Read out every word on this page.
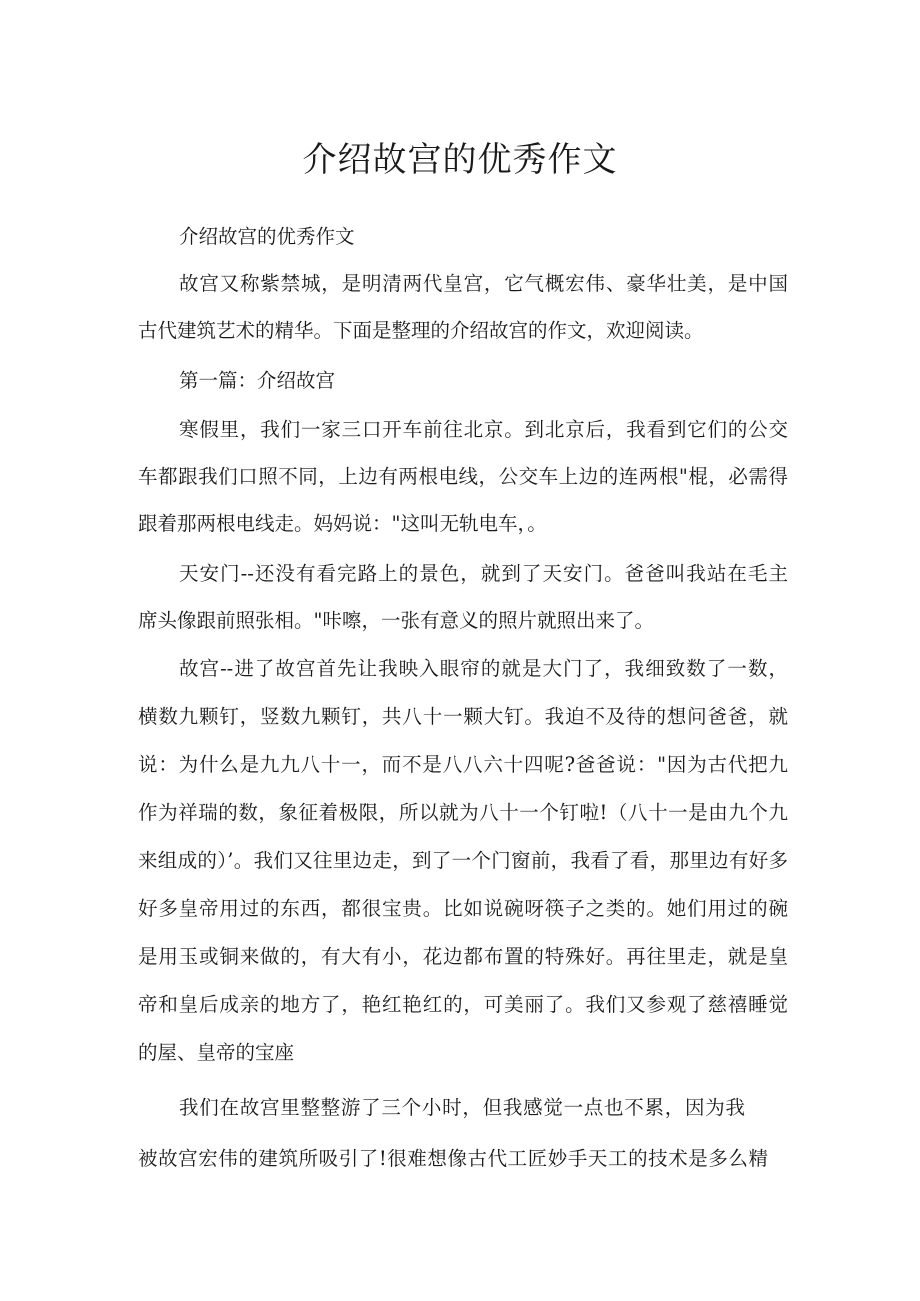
介绍故宫的优秀作文
介绍故宫的优秀作文
故宫又称紫禁城，是明清两代皇宫，它气概宏伟、豪华壮美，是中国
古代建筑艺术的精华。下面是整理的介绍故宫的作文，欢迎阅读。
第一篇：介绍故宫
寒假里，我们一家三口开车前往北京。到北京后，我看到它们的公交
车都跟我们口照不同，上边有两根电线，公交车上边的连两根"棍，必需得
跟着那两根电线走。妈妈说："这叫无轨电车，。
天安门--还没有看完路上的景色，就到了天安门。爸爸叫我站在毛主
席头像跟前照张相。"咔嚓，一张有意义的照片就照出来了。
故宫--进了故宫首先让我映入眼帘的就是大门了，我细致数了一数，
横数九颗钉，竖数九颗钉，共八十一颗大钉。我迫不及待的想问爸爸，就
说：为什么是九九八十一，而不是八八六十四呢?爸爸说："因为古代把九
作为祥瑞的数，象征着极限，所以就为八十一个钉啦!（八十一是由九个九
来组成的）’。我们又往里边走，到了一个门窗前，我看了看，那里边有好多
好多皇帝用过的东西，都很宝贵。比如说碗呀筷子之类的。她们用过的碗
是用玉或铜来做的，有大有小，花边都布置的特殊好。再往里走，就是皇
帝和皇后成亲的地方了，艳红艳红的，可美丽了。我们又参观了慈禧睡觉
的屋、皇帝的宝座
我们在故宫里整整游了三个小时，但我感觉一点也不累，因为我
被故宫宏伟的建筑所吸引了!很难想像古代工匠妙手天工的技术是多么精
